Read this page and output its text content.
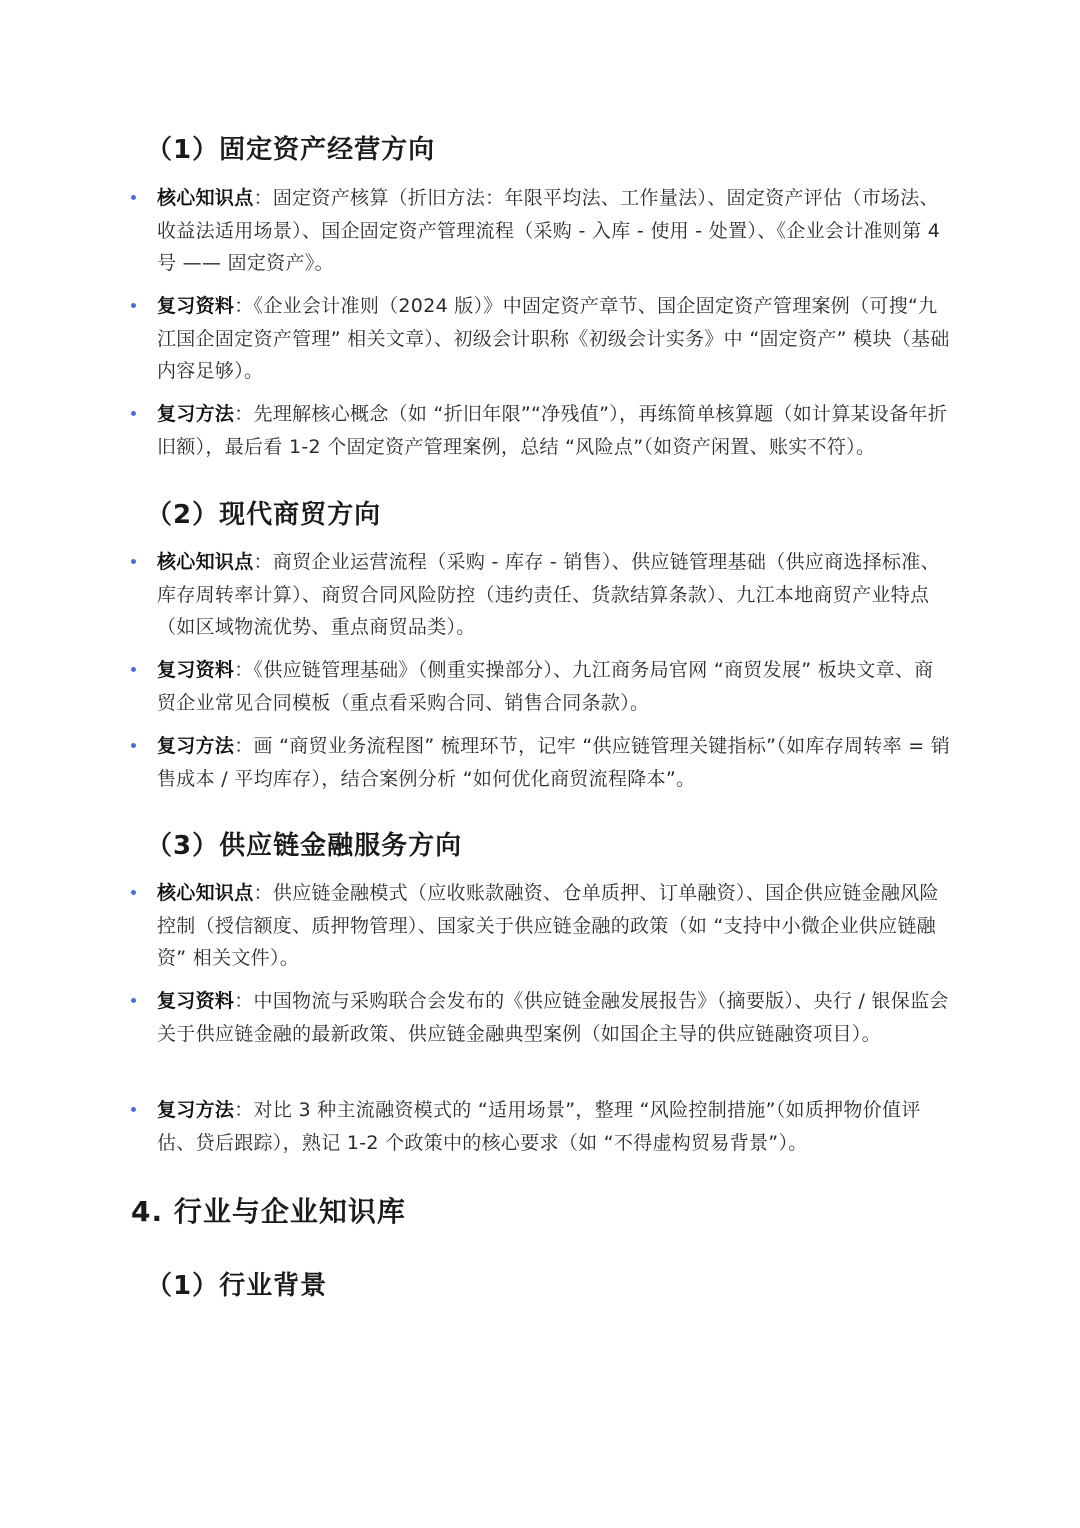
（1）固定资产经营方向
核心知识点：固定资产核算（折旧方法：年限平均法、工作量法）、固定资产评估（市场法、收益法适用场景）、国企固定资产管理流程（采购 - 入库 - 使用 - 处置）、《企业会计准则第 4 号 —— 固定资产》。
复习资料：《企业会计准则（2024 版）》中固定资产章节、国企固定资产管理案例（可搜“九江国企固定资产管理” 相关文章）、初级会计职称《初级会计实务》中 “固定资产” 模块（基础内容足够）。
复习方法：先理解核心概念（如 “折旧年限”“净残值”），再练简单核算题（如计算某设备年折旧额），最后看 1-2 个固定资产管理案例，总结 “风险点”（如资产闲置、账实不符）。
（2）现代商贸方向
核心知识点：商贸企业运营流程（采购 - 库存 - 销售）、供应链管理基础（供应商选择标准、库存周转率计算）、商贸合同风险防控（违约责任、货款结算条款）、九江本地商贸产业特点（如区域物流优势、重点商贸品类）。
复习资料：《供应链管理基础》（侧重实操部分）、九江商务局官网 “商贸发展” 板块文章、商贸企业常见合同模板（重点看采购合同、销售合同条款）。
复习方法：画 “商贸业务流程图” 梳理环节，记牢 “供应链管理关键指标”（如库存周转率 = 销售成本 / 平均库存），结合案例分析 “如何优化商贸流程降本”。
（3）供应链金融服务方向
核心知识点：供应链金融模式（应收账款融资、仓单质押、订单融资）、国企供应链金融风险控制（授信额度、质押物管理）、国家关于供应链金融的政策（如 “支持中小微企业供应链融资” 相关文件）。
复习资料：中国物流与采购联合会发布的《供应链金融发展报告》（摘要版）、央行 / 银保监会关于供应链金融的最新政策、供应链金融典型案例（如国企主导的供应链融资项目）。
复习方法：对比 3 种主流融资模式的 “适用场景”，整理 “风险控制措施”（如质押物价值评估、贷后跟踪），熟记 1-2 个政策中的核心要求（如 “不得虚构贸易背景”）。
4. 行业与企业知识库
（1）行业背景
